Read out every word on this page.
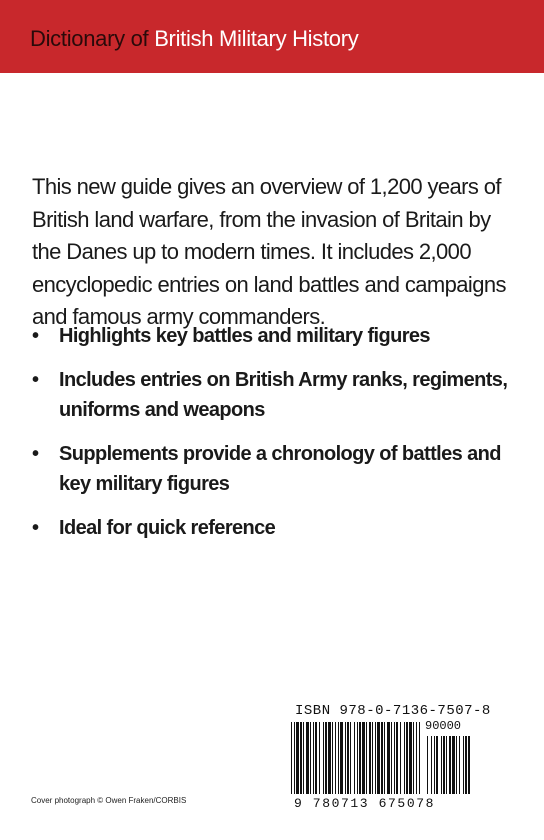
Dictionary of British Military History

This new guide gives an overview of 1,200 years of British land warfare, from the invasion of Britain by the Danes up to modern times. It includes 2,000 encyclopedic entries on land battles and campaigns and famous army commanders.

• Highlights key battles and military figures
• Includes entries on British Army ranks, regiments, uniforms and weapons
• Supplements provide a chronology of battles and key military figures
• Ideal for quick reference
ISBN 978-0-7136-7507-8
90000
9 780713 675078
Cover photograph © Owen Fraken/CORBIS
